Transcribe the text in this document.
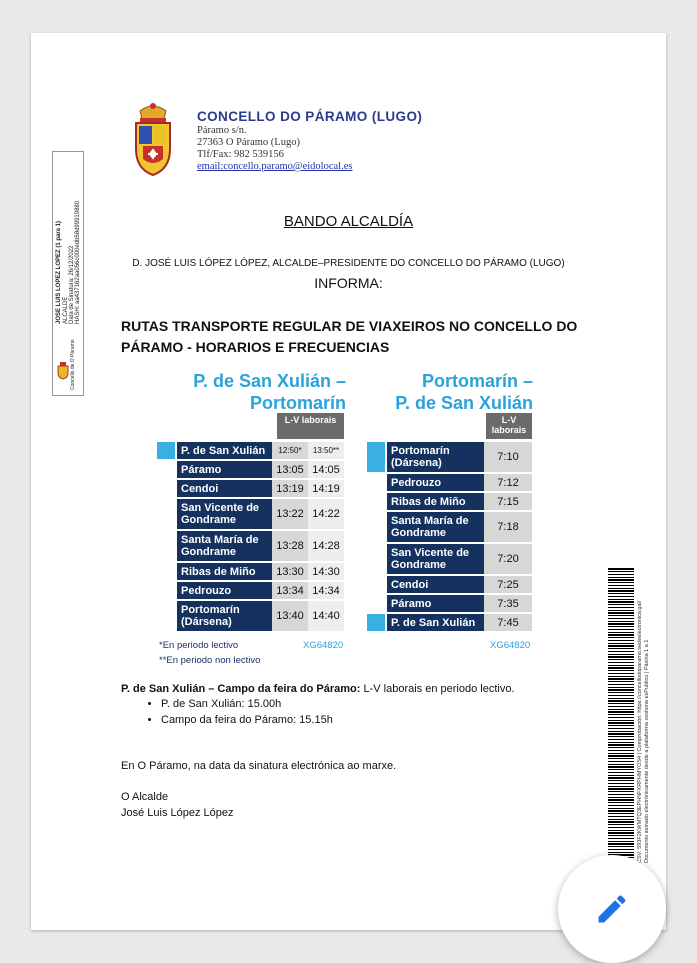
JOSE LUIS LOPEZ LOPEZ (1 para 1) ALCALDE Data de Sinatura: 26/12/2022 HASH: aa437162aa056c000edb58d99919880
Concello de O Páramo
CONCELLO DO PÁRAMO (LUGO)
Páramo s/n.
27363 O Páramo (Lugo)
Tlf/Fax: 982 539156
email:concello.paramo@eidolocal.es
BANDO ALCALDÍA
D. JOSÉ LUIS LÓPEZ LÓPEZ, ALCALDE–PRESIDENTE DO CONCELLO DO PÁRAMO (LUGO)
INFORMA:
RUTAS TRANSPORTE REGULAR DE VIAXEIROS NO CONCELLO DO PÁRAMO - HORARIOS E FRECUENCIAS
P. de San Xulián –
Portomarín
L-V laborais
P. de San Xulián	12:50*	13:50**
Páramo	13:05	14:05
Cendoi	13:19	14:19
San Vicente de Gondrame	13:22	14:22
Santa María de Gondrame	13:28	14:28
Ribas de Miño	13:30	14:30
Pedrouzo	13:34	14:34
Portomarín (Dársena)	13:40	14:40
*En periodo lectivo
**En periodo non lectivo
XG64820
Portomarín –
P. de San Xulián
L-V laborais
Portomarín (Dársena)	7:10
Pedrouzo	7:12
Ribas de Miño	7:15
Santa María de Gondrame	7:18
San Vicente de Gondrame	7:20
Cendoi	7:25
Páramo	7:35
P. de San Xulián	7:45
XG64820
P. de San Xulián – Campo da feira do Páramo: L-V laborais en periodo lectivo.
• P. de San Xulián: 15.00h
• Campo da feira do Páramo: 15.15h
En O Páramo, na data da sinatura electrónica ao marxe.
O Alcalde
José Luis López López	CSV: 593F2KWMTQ3EPHNFXRPHMYOS4 | Comprobación: https://concellodoparamo.sedeelectronica.gal/ Documento asinado electrónicamente desde a plataforma xestiona esPublico | Páxina 1 a 1
